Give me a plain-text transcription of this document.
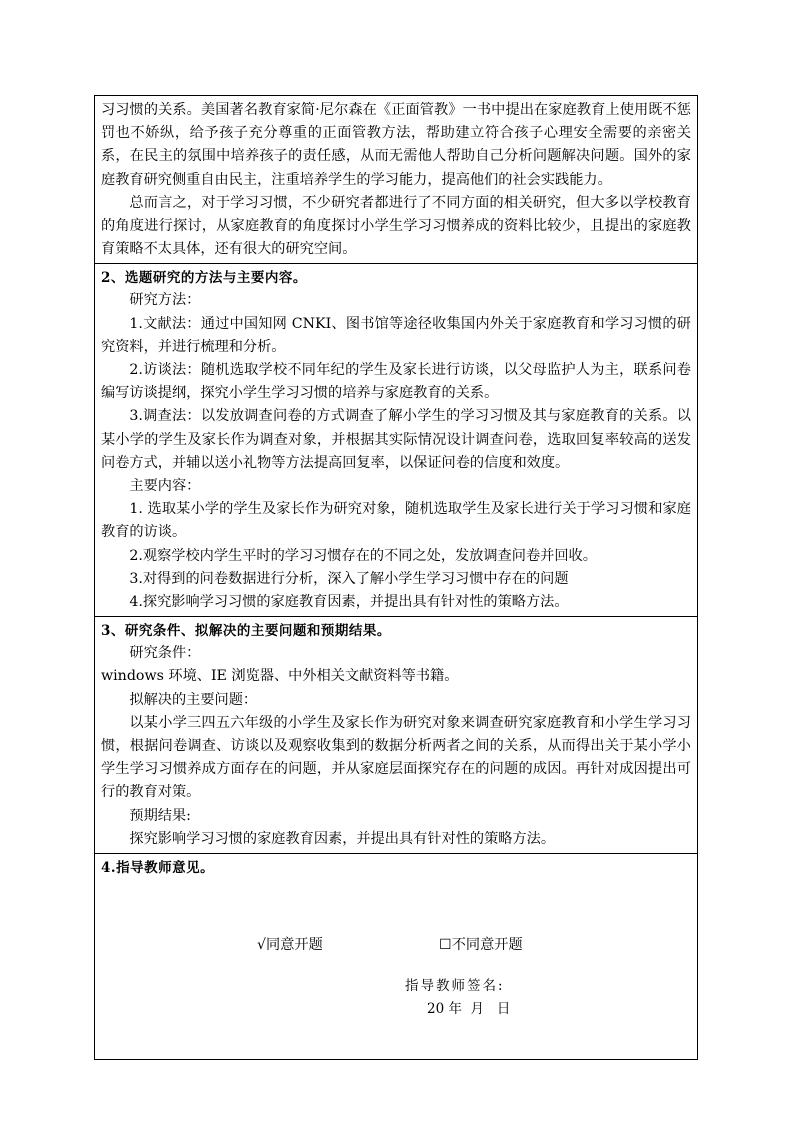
习习惯的关系。美国著名教育家简·尼尔森在《正面管教》一书中提出在家庭教育上使用既不惩罚也不娇纵，给予孩子充分尊重的正面管教方法，帮助建立符合孩子心理安全需要的亲密关系，在民主的氛围中培养孩子的责任感，从而无需他人帮助自己分析问题解决问题。国外的家庭教育研究侧重自由民主，注重培养学生的学习能力，提高他们的社会实践能力。

总而言之，对于学习习惯，不少研究者都进行了不同方面的相关研究，但大多以学校教育的角度进行探讨，从家庭教育的角度探讨小学生学习习惯养成的资料比较少，且提出的家庭教育策略不太具体，还有很大的研究空间。

2、选题研究的方法与主要内容。

研究方法：

1.文献法：通过中国知网 CNKI、图书馆等途径收集国内外关于家庭教育和学习习惯的研究资料，并进行梳理和分析。

2.访谈法：随机选取学校不同年纪的学生及家长进行访谈，以父母监护人为主，联系问卷编写访谈提纲，探究小学生学习习惯的培养与家庭教育的关系。

3.调查法：以发放调查问卷的方式调查了解小学生的学习习惯及其与家庭教育的关系。以某小学的学生及家长作为调查对象，并根据其实际情况设计调查问卷，选取回复率较高的送发问卷方式，并辅以送小礼物等方法提高回复率，以保证问卷的信度和效度。

主要内容：

1. 选取某小学的学生及家长作为研究对象，随机选取学生及家长进行关于学习习惯和家庭教育的访谈。

2.观察学校内学生平时的学习习惯存在的不同之处，发放调查问卷并回收。

3.对得到的问卷数据进行分析，深入了解小学生学习习惯中存在的问题

4.探究影响学习习惯的家庭教育因素，并提出具有针对性的策略方法。

3、研究条件、拟解决的主要问题和预期结果。

研究条件：

windows 环境、IE 浏览器、中外相关文献资料等书籍。

拟解决的主要问题：

以某小学三四五六年级的小学生及家长作为研究对象来调查研究家庭教育和小学生学习习惯，根据问卷调查、访谈以及观察收集到的数据分析两者之间的关系，从而得出关于某小学小学生学习习惯养成方面存在的问题，并从家庭层面探究存在的问题的成因。再针对成因提出可行的教育对策。

预期结果:

探究影响学习习惯的家庭教育因素，并提出具有针对性的策略方法。

4.指导教师意见。

√同意开题	☐不同意开题
指导教师签名:
20 年  月   日
